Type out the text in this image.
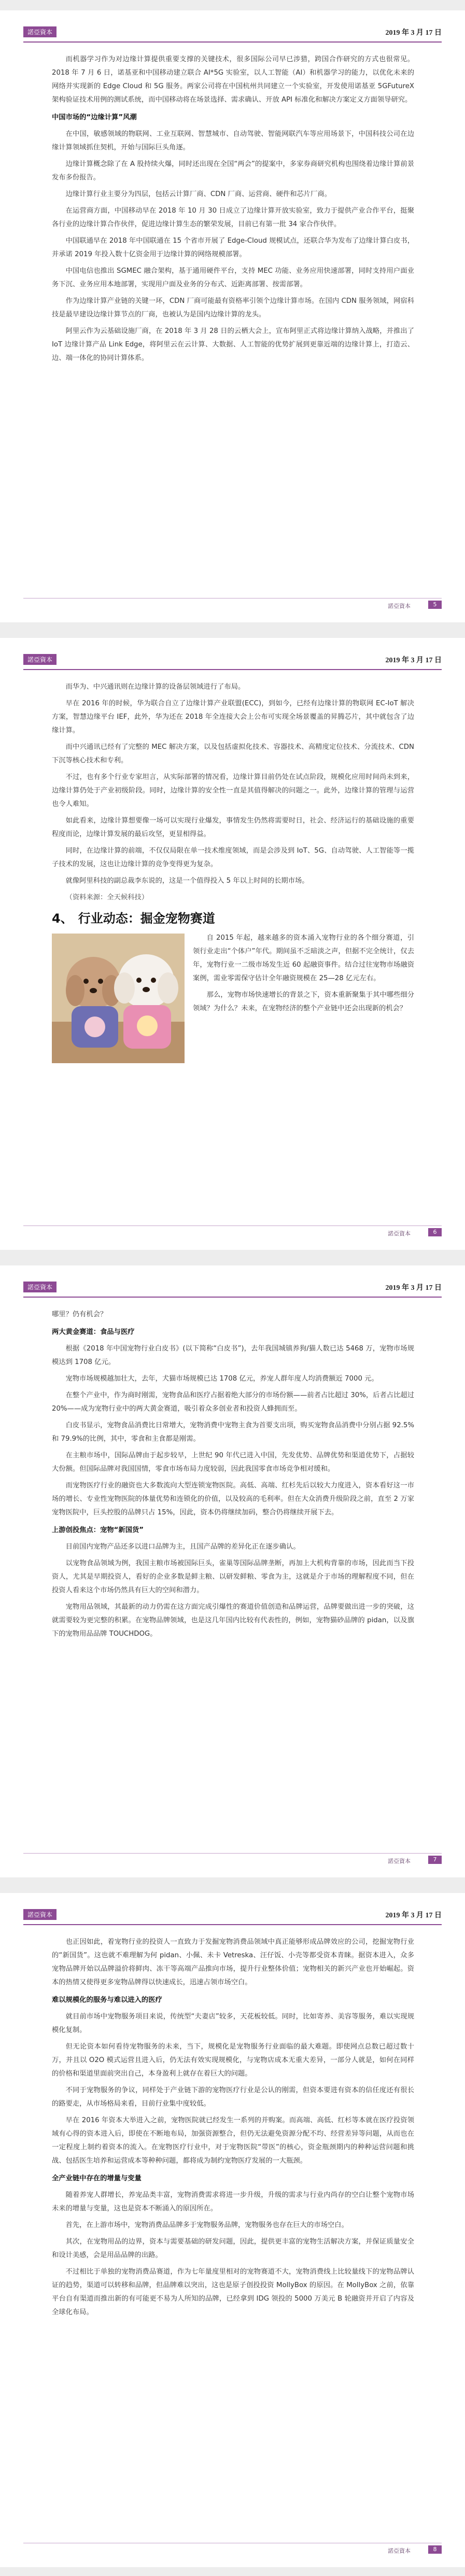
諾亞資本	2019 年 3 月 17 日

而机器学习作为对边缘计算提供重要支撑的关键技术，很多国际公司早已涉猎，跨国合作研究的方式也很常见。2018 年 7 月 6 日，诺基亚和中国移动建立联合 AI*5G 实验室，以人工智能（AI）和机器学习的能力，以优化未来的网络并实现新的 Edge Cloud 和 5G 服务。两家公司将在中国杭州共同建立一个实验室，开发使用诺基亚 5GFutureX 架构验证技术用例的测试系统，而中国移动将在场景选择、需求确认、开放 API 标准化和解决方案定义方面领导研究。

中国市场的“边缘计算”风潮

在中国，敏感领域的物联网、工业互联网、智慧城市、自动驾驶、智能网联汽车等应用场景下，中国科技公司在边缘计算领域抓住契机，开始与国际巨头角逐。

边缘计算概念除了在 A 股持续火爆，同时还出现在全国“两会”的提案中，多家券商研究机构也围绕着边缘计算前景发布多份报告。

边缘计算行业主要分为四层，包括云计算厂商、CDN 厂商、运营商、硬件和芯片厂商。

在运营商方面，中国移动早在 2018 年 10 月 30 日成立了边缘计算开放实验室，致力于提供产业合作平台，挺聚各行业的边缘计算合作伙伴，促进边缘计算生态的繁荣发展，目前已有第一批 34 家合作伙伴。

中国联通早在 2018 年中国联通在 15 个省市开展了 Edge-Cloud 规模试点，还联合华为发布了边缘计算白皮书，并承诺 2019 年投入数十亿资金用于边缘计算的网络规模部署。

中国电信也推出 SGMEC 融合架构，基于通用硬件平台，支持 MEC 功能、业务应用快速部署，同时支持用户面业务下沉、业务应用本地部署，实现用户面及业务的分布式、近距离部署、按需部署。

作为边缘计算产业链的关键一环，CDN 厂商可能最有资格率引领个边缘计算市场。在国内 CDN 服务领域，网宿科技是最早建设边缘计算节点的厂商，也被认为是国内边缘计算的龙头。

阿里云作为云基础设施厂商，在 2018 年 3 月 28 日的云栖大会上，宣布阿里正式将边缘计算纳入战略，并推出了 IoT 边缘计算产品 Link Edge，将阿里云在云计算、大数据、人工智能的优势扩展到更靠近端的边缘计算上，打造云、边、端一体化的协同计算体系。

諾亞資本	5
諾亞資本	2019 年 3 月 17 日

而华为、中兴通讯则在边缘计算的设备层领域进行了布局。

早在 2016 年的时候，华为联合自立了边缘计算产业联盟(ECC)，到如今，已经有边缘计算的物联网 EC-IoT 解决方案，智慧边缘平台 IEF，此外，华为还在 2018 年全连接大会上公布可实现全场景覆盖的昇腾芯片，其中就包含了边缘计算。

而中兴通讯已经有了完整的 MEC 解决方案，以及包括虚拟化技术、容器技术、高精度定位技术、分流技术、CDN 下沉等核心技术和专利。

不过，也有多个行业专家坦言，从实际部署的情况看，边缘计算目前仍处在试点阶段，规模化应用时间尚未到来，边缘计算仍处于产业初级阶段。同时，边缘计算的安全性一直是其值得解决的问题之一。此外，边缘计算的管理与运营也令人难知。

如此看来，边缘计算想要像一场可以实现行业爆发，事情发生仍然将需要时日，社会、经济运行的基础设施的重要程度而论，边缘计算发展的最后攻坚，更显相得益。

同时，在边缘计算的前端，不仅仅局限在单一技术维度领域，而是会涉及到 IoT、5G、自动驾驶、人工智能等一揽子技术的发展，这也让边缘计算的竞争变得更为复杂。

就像阿里科技的副总裁李东说的，这是一个值得投入 5 年以上时间的长期市场。

（资料来源：全天候科技）

4、 行业动态：掘金宠物赛道

自 2015 年起，越来越多的资本涌入宠物行业的各个细分赛道，引领行业走出“个体户”年代。期间虽不乏暗淡之声，但据不完全统计，仅去年，宠物行业一二级市场发生近 60 起融资事件。结合过往宠物市场融资案例，需业零需保守估计全年融资规模在 25—28 亿元左右。

那么，宠物市场快速增长的背景之下，资本重新聚集于其中哪些细分领域？为什么？未来，在宠物经济的整个产业链中还会出现新的机会？

諾亞資本	6
諾亞資本	2019 年 3 月 17 日

哪里？仍有机会？

两大黄金赛道：食品与医疗

根据《2018 年中国宠物行业白皮书》(以下简称“白皮书”)，去年我国城镇养狗/猫人数已达 5468 万，宠物市场规模达到 1708 亿元。

宠物市场规模越加壮大，去年，犬猫市场规模已达 1708 亿元，养宠人群年度人均消费额近 7000 元。

在整个产业中，作为商时刚需，宠物食品和医疗占据着绝大部分的市场份额——前者占比超过 30%，后者占比超过 20%——成为宠物行业中的两大黄金赛道，吸引着众多创业者和投资人蜂拥而至。

白皮书显示，宠物食品消费比日常增大，宠物消费中宠物主食为首要支出项，购买宠物食品消费中分别占据 92.5%和 79.9%的比例，其中，零食和主食都是刚需。

在主粮市场中，国际品牌由于起步较早，上世纪 90 年代已进入中国，先发优势、品牌优势和渠道优势下，占据较大份额。但国际品牌对我国国情，零食市场布局力度较弱，因此我国零食市场竞争相对缓和。

而宠物医疗行业的融资也大多数流向大型连锁宠物医院。高低、高端、红杉先后以较大力度进入，资本看好这一市场的增长、专业性宠物医院的体量优势和连锁化的价值，以及较高的毛利率。但在大众消费升级阶段之前，直至 2 万家宠物医院中，巨头控股的品牌只占 15%，因此，资本仍将继续加码，整合仍将继续开展下去。

上游创投焦点：宠物“新国货”

目前国内宠物产品还多以进口品牌为主，且国产品牌的差异化正在逐步确认。

以宠物食品领域为例，我国主粮市场被国际巨头，雀巢等国际品牌垄断，再加上大机构背靠的市场，因此而当下投资人，尤其是早期投资人，看好的企业多数是鲜主粮、以研发鲜粮、零食为主，这就是介于市场的理解程度不同，但在投资人看来这个市场仍然具有巨大的空间和潜力。

宠物用品领域，其最新的动力仍需在这方面完成引爆性的赛道价值创造和品牌运营，品牌要做出进一步的突破，这就需要较为更完整的积累。在宠物品牌领域，也是这几年国内比较有代表性的，例如，宠物猫砂品牌的 pidan，以及旗下的宠物用品品牌 TOUCHDOG。

諾亞資本	7
諾亞資本	2019 年 3 月 17 日

也正因如此，着宠物行业的投资人一直致力于发掘宠物消费品领域中真正能够形成品牌效应的公司，挖掘宠物行业的“新国货”。这也就不难理解为何 pidan、小佩、未卡 Vetreska、汪仔饭、小壳等都受资本青睐。据资本进入，众多宠物品牌开始以品牌溢价将鲜肉、冻干等高端产品推向市场，提升行业整体价值；宠物相关的新兴产业也开始崛起。资本的热情又使得更多宠物品牌得以快速成长，迅速占领市场空白。

难以规模化的服务与难以进入的医疗

就目前市场中宠物服务项目来说，传统型“夫妻店”较多，天花板较低。同时，比如寄养、美容等服务，难以实现规模化复制。

但无论资本如何看待宠物服务的未来，当下，规模化是宠物服务行业面临的最大难题。即使网点总数已超过数十万，并且以 O2O 模式运营且进入后，仍无法有效实现规模化，与宠物店成本无重大差异，一部分人就是，如何在同样的价格和渠道里面前突出自己，本身盈利上就存在着巨大的问题。

不同于宠物服务的争议，同样处于产业链下游的宠物医疗行业是公认的刚需，但资本要进有资本的信任度还有很长的路要走，从市场格局来看，目前行业集中度较低。

早在 2016 年资本大举进入之前，宠物医院就已经发生一系列的并购案。而高端、高低、红杉等本就在医疗投资领域有心得的资本进入后，即使在不断地布局，加强资源整合，但仍无法避免资源分配不均、经营差异等问题，从而也在一定程度上制约着资本的流入。在宠物医疗行业中，对于宠物医院“带医”的核心，资金瓶颈期内的种种运营问题和挑战、包括医生培养和运营成本等种种问题，都将成为制约宠物医疗发展的一大瓶颈。

全产业链中存在的增量与变量

随着养宠人群增长，养宠品类丰富，宠物消费需求将进一步升级，升级的需求与行业内尚存的空白让整个宠物市场未来的增量与变量，这也是资本不断涌入的原因所在。

首先，在上游市场中，宠物消费品品牌多于宠物服务品牌，宠物服务也存在巨大的市场空白。

其次，在宠物用品的边界，资本与需要基础的研发问题，因此，提供更丰富的宠物生活解决方案，并保证质量安全和设计美感，会是用品品牌的出路。

不过相比于单独的宠物消费品赛道，作为七年量度里相对的宠物赛道不大，宠物消费线上比较量线下的宠物品牌认证的趋势，渠道可以转移和品牌，但品牌难以突出，这也是原子创投投资 MollyBox 的原因。在 MollyBox 之前，依靠平台自有渠道而推出新的有可能更不易为人所知的品牌，已经拿到 IDG 领投的 5000 万美元 B 轮融资并开启了内容及全球化布局。

諾亞資本	8
